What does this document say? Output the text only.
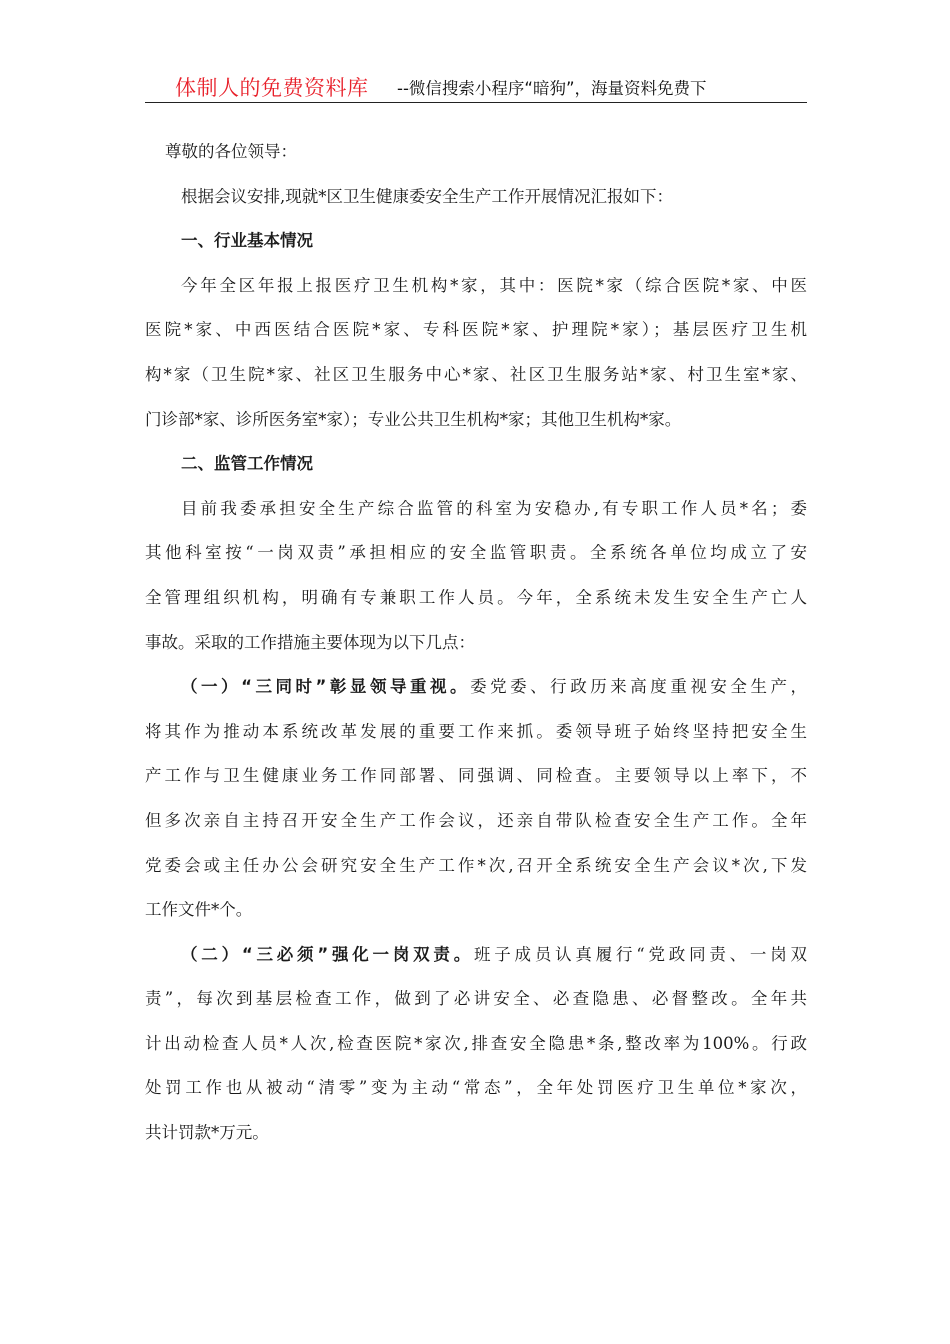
体制人的免费资料库 --微信搜索小程序“暗狗”，海量资料免费下
尊敬的各位领导：
根据会议安排,现就*区卫生健康委安全生产工作开展情况汇报如下：
一、行业基本情况
今年全区年报上报医疗卫生机构*家，其中：医院*家（综合医院*家、中医
医院*家、中西医结合医院*家、专科医院*家、护理院*家）；基层医疗卫生机
构*家（卫生院*家、社区卫生服务中心*家、社区卫生服务站*家、村卫生室*家、
门诊部*家、诊所医务室*家）；专业公共卫生机构*家；其他卫生机构*家。
二、监管工作情况
目前我委承担安全生产综合监管的科室为安稳办,有专职工作人员*名；委
其他科室按“一岗双责”承担相应的安全监管职责。全系统各单位均成立了安
全管理组织机构，明确有专兼职工作人员。今年，全系统未发生安全生产亡人
事故。采取的工作措施主要体现为以下几点：
（一）“三同时”彰显领导重视。委党委、行政历来高度重视安全生产，
将其作为推动本系统改革发展的重要工作来抓。委领导班子始终坚持把安全生
产工作与卫生健康业务工作同部署、同强调、同检查。主要领导以上率下，不
但多次亲自主持召开安全生产工作会议，还亲自带队检查安全生产工作。全年
党委会或主任办公会研究安全生产工作*次,召开全系统安全生产会议*次,下发
工作文件*个。
（二）“三必须”强化一岗双责。班子成员认真履行“党政同责、一岗双
责”，每次到基层检查工作，做到了必讲安全、必查隐患、必督整改。全年共
计出动检查人员*人次,检查医院*家次,排查安全隐患*条,整改率为100%。行政
处罚工作也从被动“清零”变为主动“常态”，全年处罚医疗卫生单位*家次，
共计罚款*万元。
